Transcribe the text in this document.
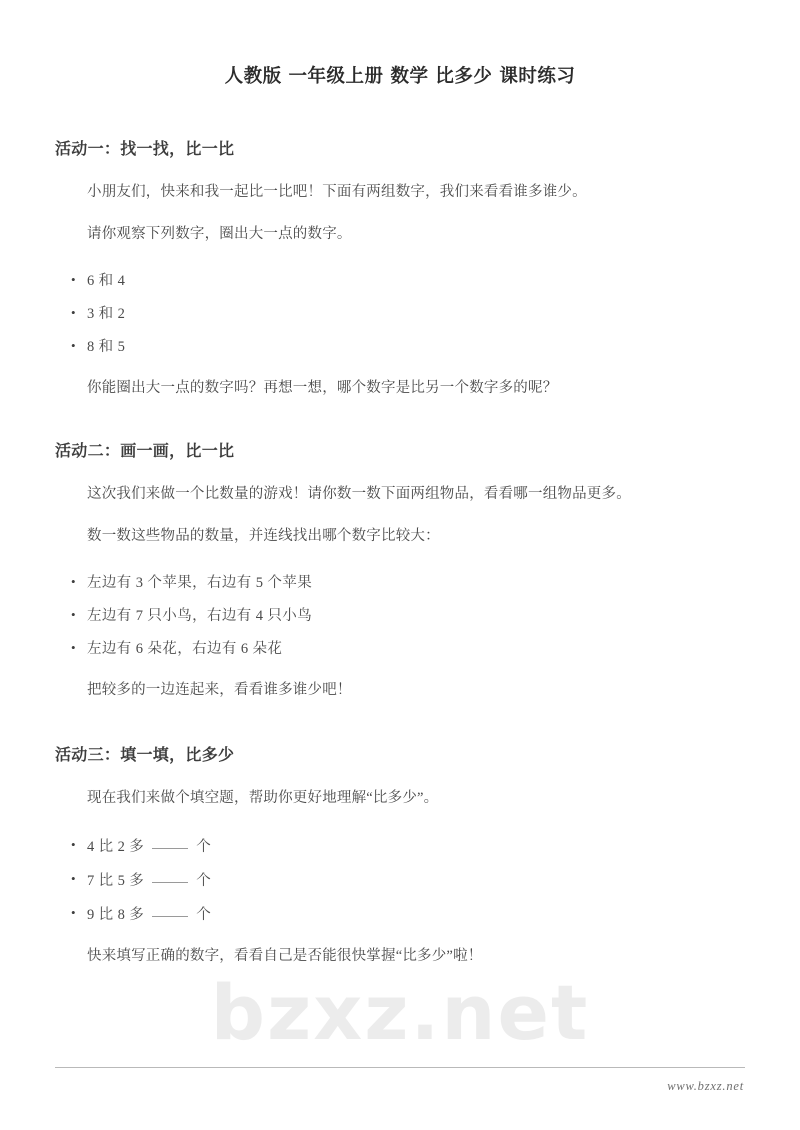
bzxz.net
人教版 一年级上册 数学 比多少 课时练习
活动一：找一找，比一比

小朋友们，快来和我一起比一比吧！下面有两组数字，我们来看看谁多谁少。

请你观察下列数字，圈出大一点的数字。

• 6 和 4
• 3 和 2
• 8 和 5

你能圈出大一点的数字吗？再想一想，哪个数字是比另一个数字多的呢？

活动二：画一画，比一比

这次我们来做一个比数量的游戏！请你数一数下面两组物品，看看哪一组物品更多。

数一数这些物品的数量，并连线找出哪个数字比较大：

• 左边有 3 个苹果，右边有 5 个苹果
• 左边有 7 只小鸟，右边有 4 只小鸟
• 左边有 6 朵花，右边有 6 朵花

把较多的一边连起来，看看谁多谁少吧！

活动三：填一填，比多少

现在我们来做个填空题，帮助你更好地理解“比多少”。

• 4 比 2 多	个
• 7 比 5 多	个
• 9 比 8 多	个

快来填写正确的数字，看看自己是否能很快掌握“比多少”啦！

www.bzxz.net
